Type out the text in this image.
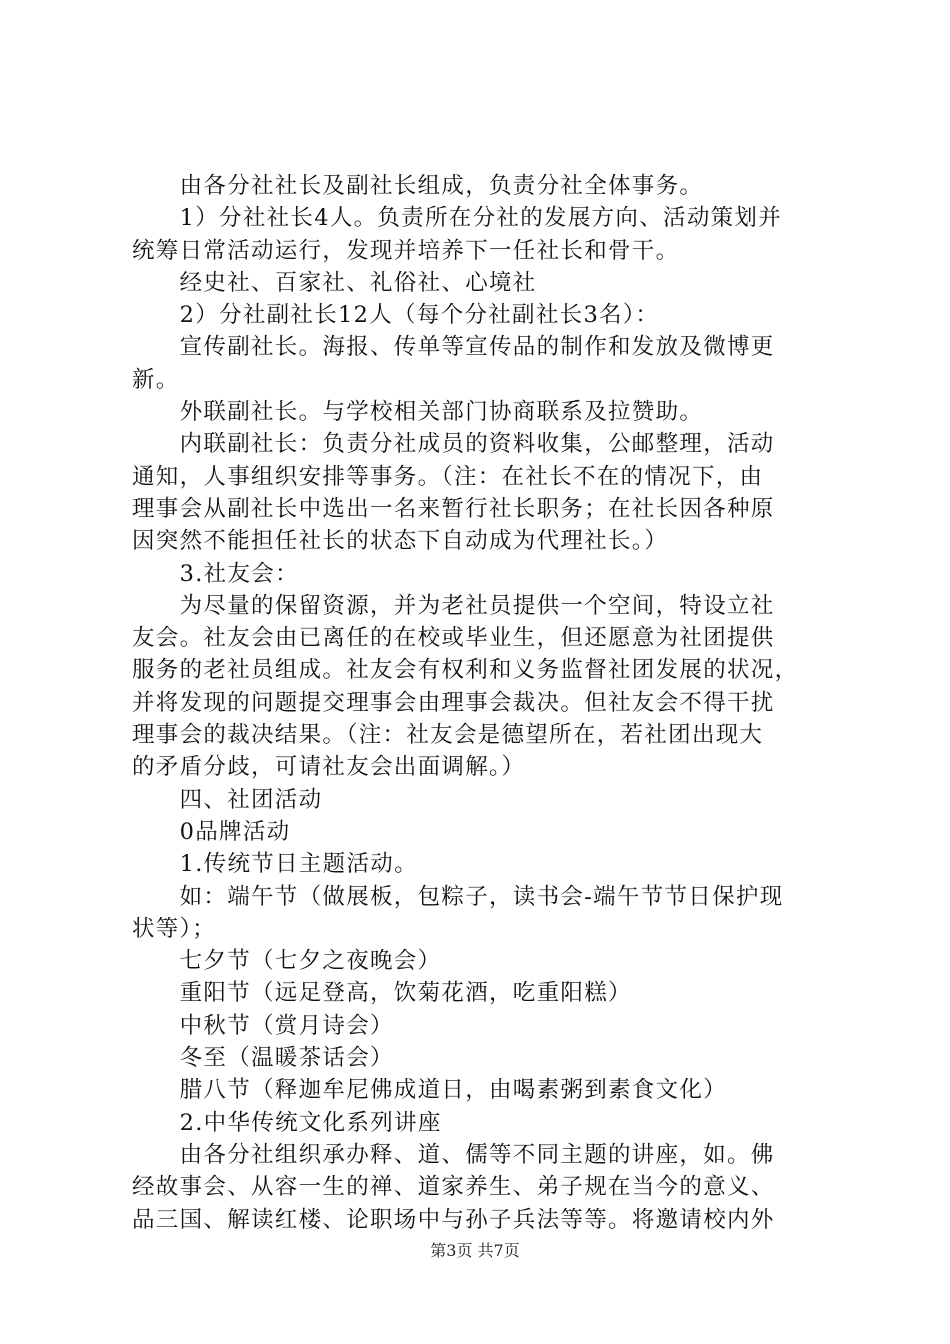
　　由各分社社长及副社长组成，负责分社全体事务。
　　1）分社社长4人。负责所在分社的发展方向、活动策划并
统筹日常活动运行，发现并培养下一任社长和骨干。
　　经史社、百家社、礼俗社、心境社
　　2）分社副社长12人（每个分社副社长3名）：
　　宣传副社长。海报、传单等宣传品的制作和发放及微博更
新。
　　外联副社长。与学校相关部门协商联系及拉赞助。
　　内联副社长：负责分社成员的资料收集，公邮整理，活动
通知，人事组织安排等事务。（注：在社长不在的情况下，由
理事会从副社长中选出一名来暂行社长职务；在社长因各种原
因突然不能担任社长的状态下自动成为代理社长。）
　　3.社友会：
　　为尽量的保留资源，并为老社员提供一个空间，特设立社
友会。社友会由已离任的在校或毕业生，但还愿意为社团提供
服务的老社员组成。社友会有权利和义务监督社团发展的状况，
并将发现的问题提交理事会由理事会裁决。但社友会不得干扰
理事会的裁决结果。（注：社友会是德望所在，若社团出现大
的矛盾分歧，可请社友会出面调解。）
　　四、社团活动
　　0品牌活动
　　1.传统节日主题活动。
　　如：端午节（做展板，包粽子，读书会-端午节节日保护现
状等）；
　　七夕节（七夕之夜晚会）
　　重阳节（远足登高，饮菊花酒，吃重阳糕）
　　中秋节（赏月诗会）
　　冬至（温暖茶话会）
　　腊八节（释迦牟尼佛成道日，由喝素粥到素食文化）
　　2.中华传统文化系列讲座
　　由各分社组织承办释、道、儒等不同主题的讲座，如。佛
经故事会、从容一生的禅、道家养生、弟子规在当今的意义、
品三国、解读红楼、论职场中与孙子兵法等等。将邀请校内外
第3页 共7页
